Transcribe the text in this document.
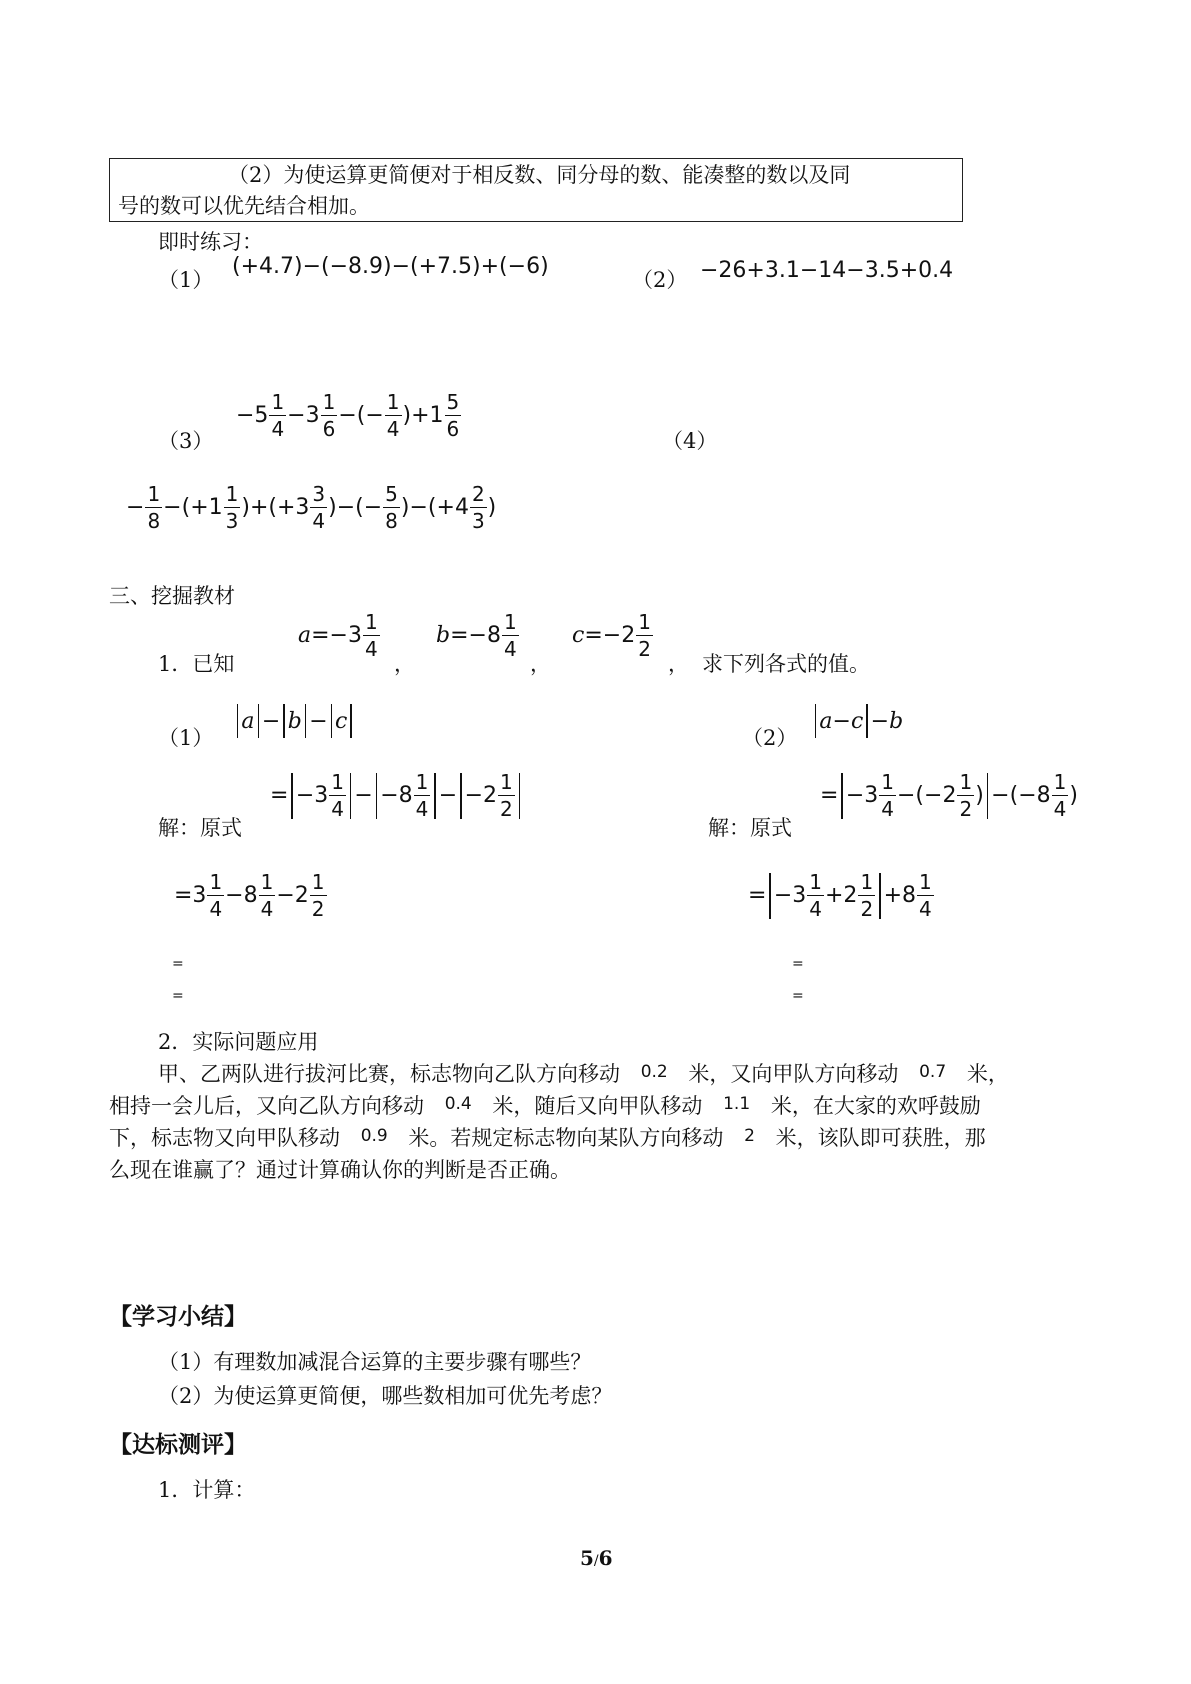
（2）为使运算更简便对于相反数、同分母的数、能凑整的数以及同

号的数可以优先结合相加。

即时练习：
（1）
(+4.7)−(−8.9)−(+7.5)+(−6)
（2） −26+3.1−14−3.5+0.4
（3）
$-5 \frac{1}{4} -3 \frac{1}{6}$ −(− $\frac{1}{4} )+1 \frac{5}{6}$
（4）
− $\frac{1}{8} -(+1 \frac{1}{3} )+(+3 \frac{3}{4}$ )−(− $\frac{5}{8} )-(+4 \frac{2}{3}$ )
三、挖掘教材
1．已知
$a =-3 \frac{1}{4}$
，
$b =-8 \frac{1}{4}$
，
$c =-2 \frac{1}{2}$
， 求下列各式的值。
（1）
a − b − c
（2）
a − c − b
解：原式
= $-3 \frac{1}{4} - -8 \frac{1}{4} - -2 \frac{1}{2}$
$=3 \frac{1}{4} -8 \frac{1}{4} -2 \frac{1}{2}$
=
=
解：原式
= $-3 \frac{1}{4} -(-2 \frac{1}{2}$ ) $-(-8 \frac{1}{4}$ )
= $-3 \frac{1}{4} +2 \frac{1}{2} +8 \frac{1}{4}$
=
=
2．实际问题应用
甲、乙两队进行拔河比赛，标志物向乙队方向移动 0.2 米，又向甲队方向移动 0.7 米，
相持一会儿后，又向乙队方向移动 0.4 米，随后又向甲队移动 1.1 米，在大家的欢呼鼓励
下，标志物又向甲队移动 0.9 米。若规定标志物向某队方向移动 2 米，该队即可获胜，那
么现在谁赢了？通过计算确认你的判断是否正确。
【学习小结】
（1）有理数加减混合运算的主要步骤有哪些？
（2）为使运算更简便，哪些数相加可优先考虑？
【达标测评】
1．计算：
5/6
